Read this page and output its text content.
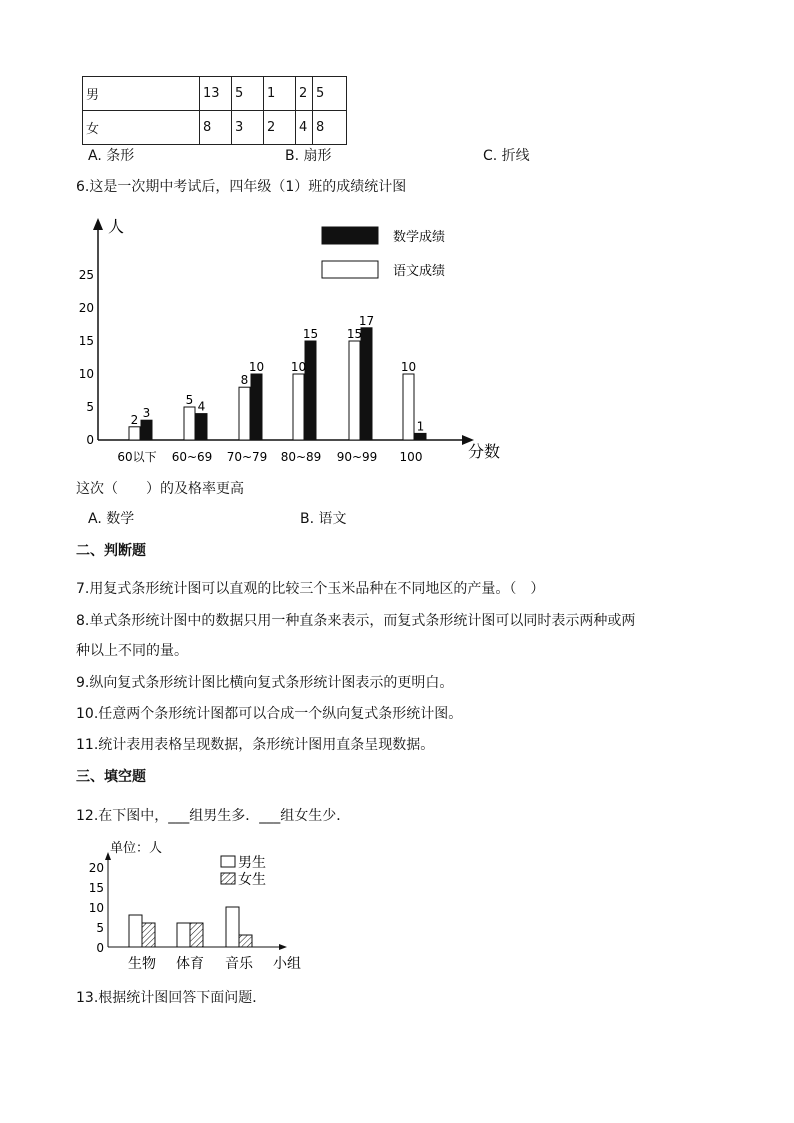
男	13	5	1	2	5
女	8	3	2	4	8
A. 条形	B. 扇形	C. 折线
6.这是一次期中考试后，四年级（1）班的成绩统计图
人
分数
0
5
10
15
20
25
60以下
2 3
60~69
5 4
70~79
8
10
80~89
10
15
90~99
15
17
100
10
1
数学成绩
语文成绩
这次（　　）的及格率更高
A. 数学	B. 语文
二、判断题
7.用复式条形统计图可以直观的比较三个玉米品种在不同地区的产量。（　）
8.单式条形统计图中的数据只用一种直条来表示，而复式条形统计图可以同时表示两种或两
种以上不同的量。
9.纵向复式条形统计图比横向复式条形统计图表示的更明白。
10.任意两个条形统计图都可以合成一个纵向复式条形统计图。
11.统计表用表格呈现数据，条形统计图用直条呈现数据。
三、填空题
12.在下图中，___组男生多．___组女生少．
单位：人
小组
0
5
10
15
20
生物 体育 音乐
男生
女生
13.根据统计图回答下面问题．
